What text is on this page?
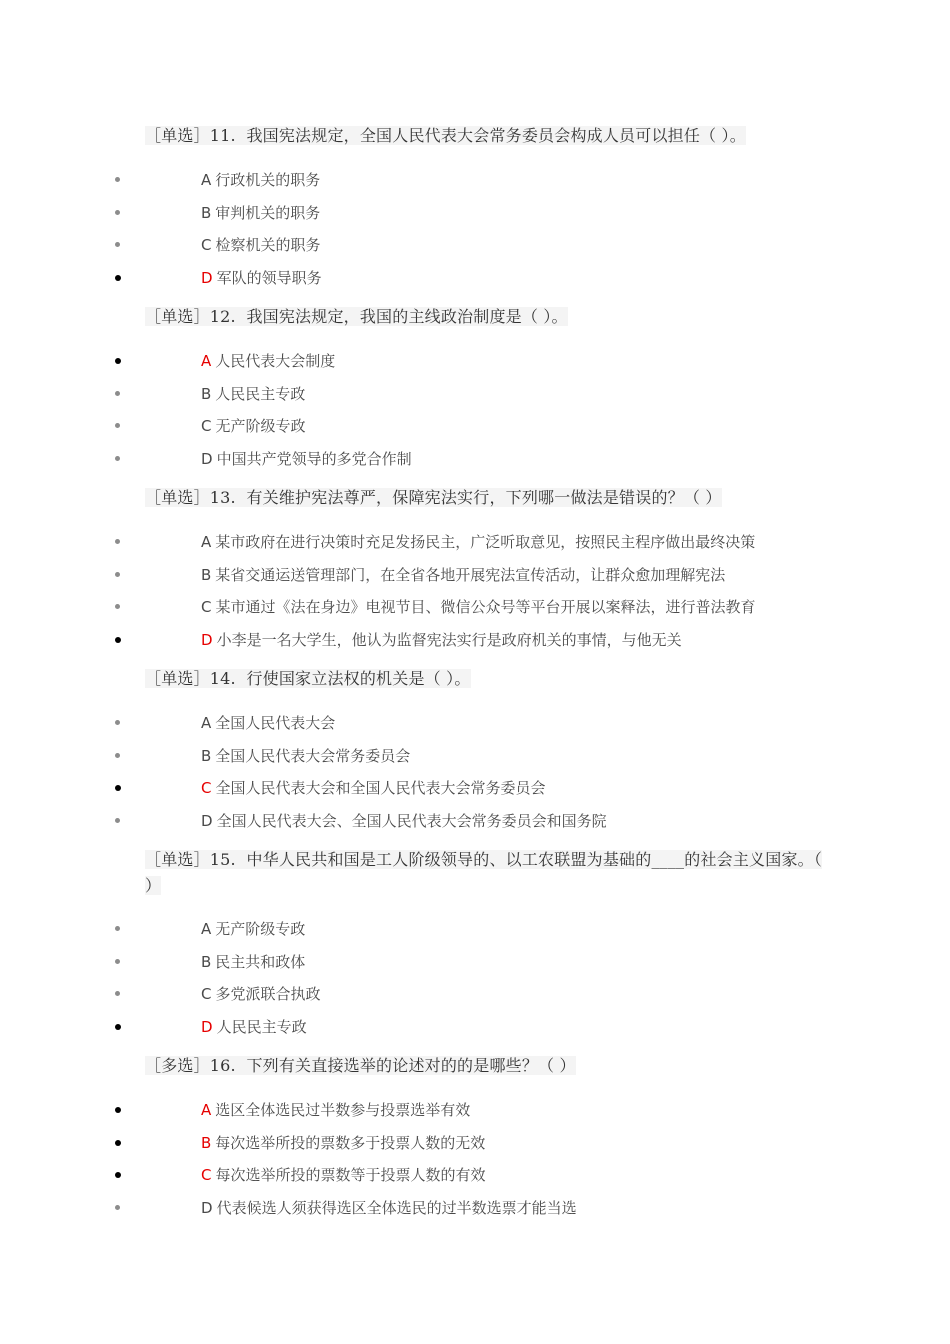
［单选］11. 我国宪法规定，全国人民代表大会常务委员会构成人员可以担任（ ）。
A 行政机关的职务
B 审判机关的职务
C 检察机关的职务
D 军队的领导职务
［单选］12. 我国宪法规定，我国的主线政治制度是（ ）。
A 人民代表大会制度
B 人民民主专政
C 无产阶级专政
D 中国共产党领导的多党合作制
［单选］13. 有关维护宪法尊严，保障宪法实行，下列哪一做法是错误的？（ ）
A 某市政府在进行决策时充足发扬民主，广泛听取意见，按照民主程序做出最终决策
B 某省交通运送管理部门，在全省各地开展宪法宣传活动，让群众愈加理解宪法
C 某市通过《法在身边》电视节目、微信公众号等平台开展以案释法，进行普法教育
D 小李是一名大学生，他认为监督宪法实行是政府机关的事情，与他无关
［单选］14. 行使国家立法权的机关是（ ）。
A 全国人民代表大会
B 全国人民代表大会常务委员会
C 全国人民代表大会和全国人民代表大会常务委员会
D 全国人民代表大会、全国人民代表大会常务委员会和国务院
［单选］15. 中华人民共和国是工人阶级领导的、以工农联盟为基础的____的社会主义国家。（ ）
A 无产阶级专政
B 民主共和政体
C 多党派联合执政
D 人民民主专政
［多选］16. 下列有关直接选举的论述对的的是哪些？（ ）
A 选区全体选民过半数参与投票选举有效
B 每次选举所投的票数多于投票人数的无效
C 每次选举所投的票数等于投票人数的有效
D 代表候选人须获得选区全体选民的过半数选票才能当选
